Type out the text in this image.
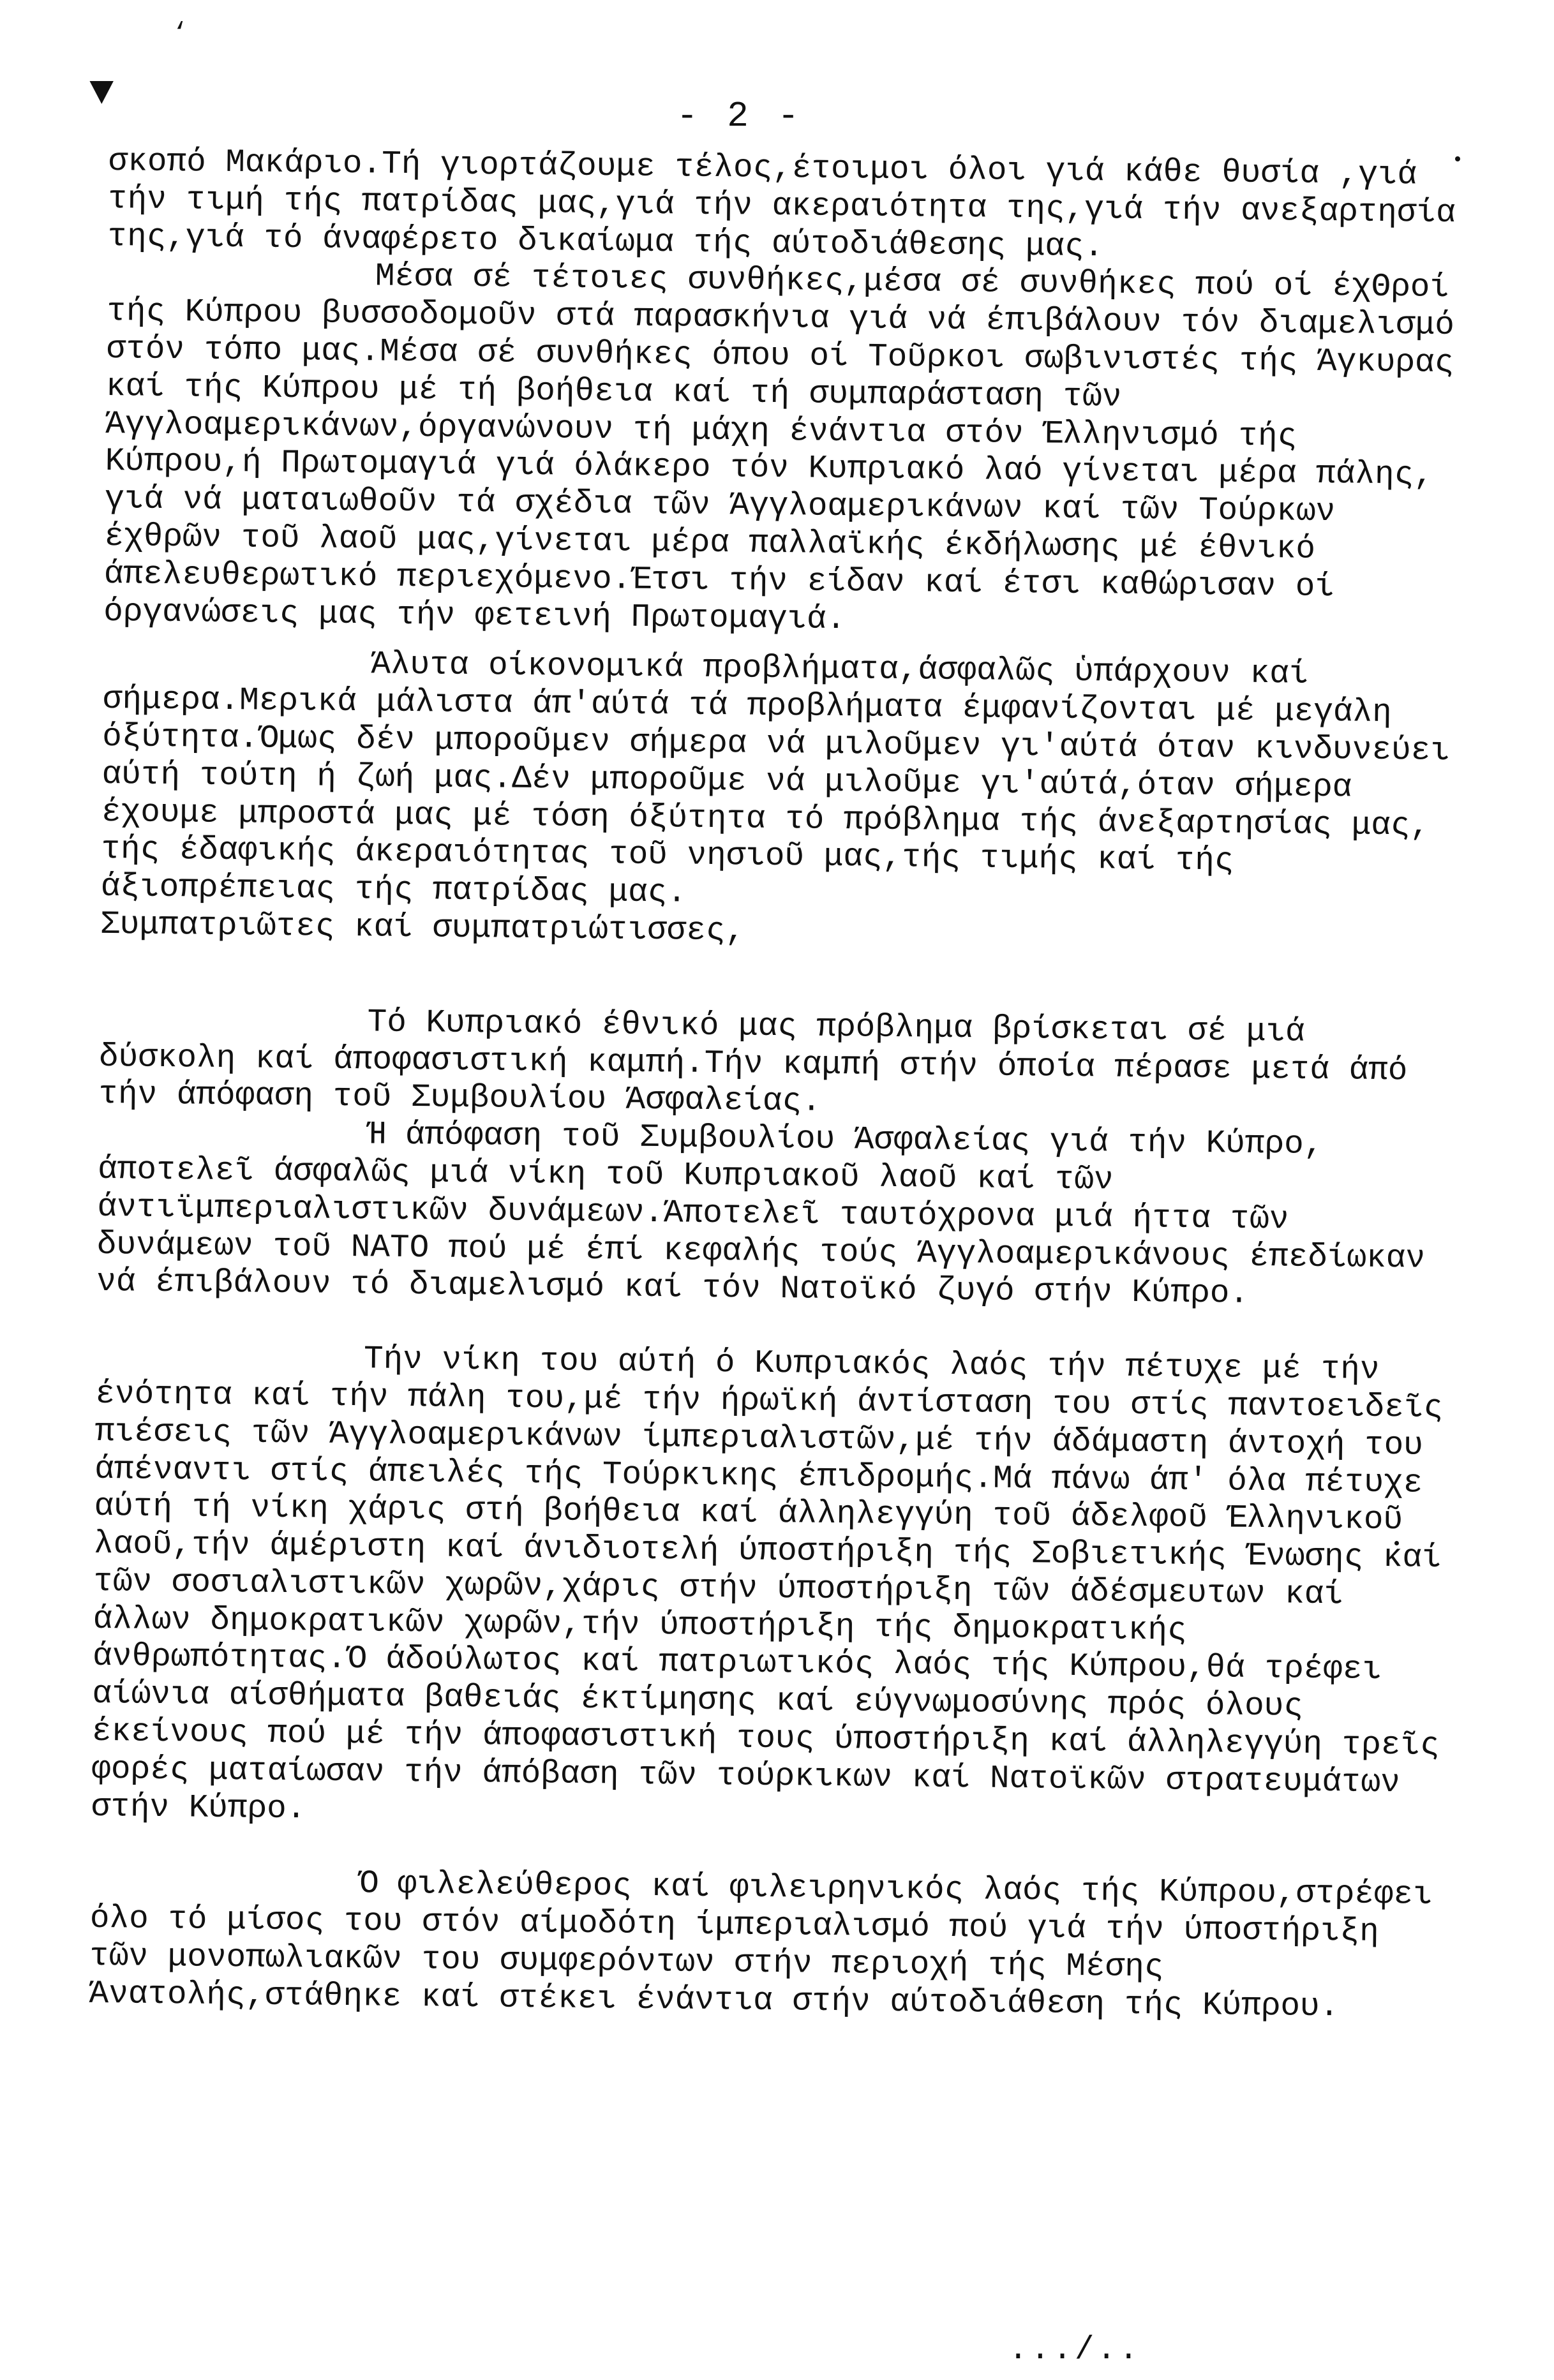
‘
▼	- 2 -

σκοπό Μακάριο.Τή γιορτάζουμε τέλος,έτοιμοι όλοι γιά κάθε θυσία ,γιά τήν τιμή τής πατρίδας μας,γιά τήν ακεραιότητα της,γιά τήν ανεξαρτησία της,γιά τό άναφέρετο δικαίωμα τής αύτοδιάθεσης μας.

Μέσα σέ τέτοιες συνθήκες,μέσα σέ συνθήκες πού οί έχΘροί τής Κύπρου βυσσοδομοῦν στά παρασκήνια γιά νά έπιβάλουν τόν διαμελισμό στόν τόπο μας.Μέσα σέ συνθήκες όπου οί Τοῦρκοι σωβινιστές τής Άγκυρας καί τής Κύπρου μέ τή βοήθεια καί τή συμπαράσταση τῶν Άγγλοαμερικάνων,όργανώνουν τή μάχη ένάντια στόν Έλληνισμό τής Κύπρου,ή Πρωτομαγιά γιά όλάκερο τόν Κυπριακό λαό γίνεται μέρα πάλης, γιά νά ματαιωθοῦν τά σχέδια τῶν Άγγλοαμερικάνων καί τῶν Τούρκων έχθρῶν τοῦ λαοῦ μας,γίνεται μέρα παλλαϊκής έκδήλωσης μέ έθνικό άπελευθερωτικό περιεχόμενο.Έτσι τήν είδαν καί έτσι καθώρισαν οί όργανώσεις μας τήν φετεινή Πρωτομαγιά.

Άλυτα οίκονομικά προβλήματα,άσφαλῶς ὑπάρχουν καί σήμερα.Μερικά μάλιστα άπ'αύτά τά προβλήματα έμφανίζονται μέ μεγάλη όξύτητα.Όμως δέν μποροῦμεν σήμερα νά μιλοῦμεν γι'αύτά όταν κινδυνεύει αύτή τούτη ή ζωή μας.Δέν μποροῦμε νά μιλοῦμε γι'αύτά,όταν σήμερα έχουμε μπροστά μας μέ τόση όξύτητα τό πρόβλημα τής άνεξαρτησίας μας, τής έδαφικής άκεραιότητας τοῦ νησιοῦ μας,τής τιμής καί τής άξιοπρέπειας τής πατρίδας μας.

Συμπατριῶτες καί συμπατριώτισσες,

Τό Κυπριακό έθνικό μας πρόβλημα βρίσκεται σέ μιά δύσκολη καί άποφασιστική καμπή.Τήν καμπή στήν όποία πέρασε μετά άπό τήν άπόφαση τοῦ Συμβουλίου Άσφαλείας.

Ή άπόφαση τοῦ Συμβουλίου Άσφαλείας γιά τήν Κύπρο, άποτελεῖ άσφαλῶς μιά νίκη τοῦ Κυπριακοῦ λαοῦ καί τῶν άντιϊμπεριαλιστικῶν δυνάμεων.Άποτελεῖ ταυτόχρονα μιά ήττα τῶν δυνάμεων τοῦ ΝΑΤΟ πού μέ έπί κεφαλής τούς Άγγλοαμερικάνους έπεδίωκαν νά έπιβάλουν τό διαμελισμό καί τόν Νατοϊκό ζυγό στήν Κύπρο.

Τήν νίκη του αύτή ό Κυπριακός λαός τήν πέτυχε μέ τήν ένότητα καί τήν πάλη του,μέ τήν ήρωϊκή άντίσταση του στίς παντοειδεῖς πιέσεις τῶν Άγγλοαμερικάνων ίμπεριαλιστῶν,μέ τήν άδάμαστη άντοχή του άπέναντι στίς άπειλές τής Τούρκικης έπιδρομής.Μά πάνω άπ' όλα πέτυχε αύτή τή νίκη χάρις στή βοήθεια καί άλληλεγγύη τοῦ άδελφοῦ Έλληνικοῦ λαοῦ,τήν άμέριστη καί άνιδιοτελή ύποστήριξη τής Σοβιετικής Ένωσης καί τῶν σοσιαλιστικῶν χωρῶν,χάρις στήν ύποστήριξη τῶν άδέσμευτων καί άλλων δημοκρατικῶν χωρῶν,τήν ύποστήριξη τής δημοκρατικής άνθρωπότητας.Ό άδούλωτος καί πατριωτικός λαός τής Κύπρου,θά τρέφει αίώνια αίσθήματα βαθειάς έκτίμησης καί εύγνωμοσύνης πρός όλους έκείνους πού μέ τήν άποφασιστική τους ύποστήριξη καί άλληλεγγύη τρεῖς φορές ματαίωσαν τήν άπόβαση τῶν τούρκικων καί Νατοϊκῶν στρατευμάτων στήν Κύπρο.

Ό φιλελεύθερος καί φιλειρηνικός λαός τής Κύπρου,στρέφει όλο τό μίσος του στόν αίμοδότη ίμπεριαλισμό πού γιά τήν ύποστήριξη τῶν μονοπωλιακῶν του συμφερόντων στήν περιοχή τής Μέσης Άνατολής,στάθηκε καί στέκει ένάντια στήν αύτοδιάθεση τής Κύπρου.

.../..
